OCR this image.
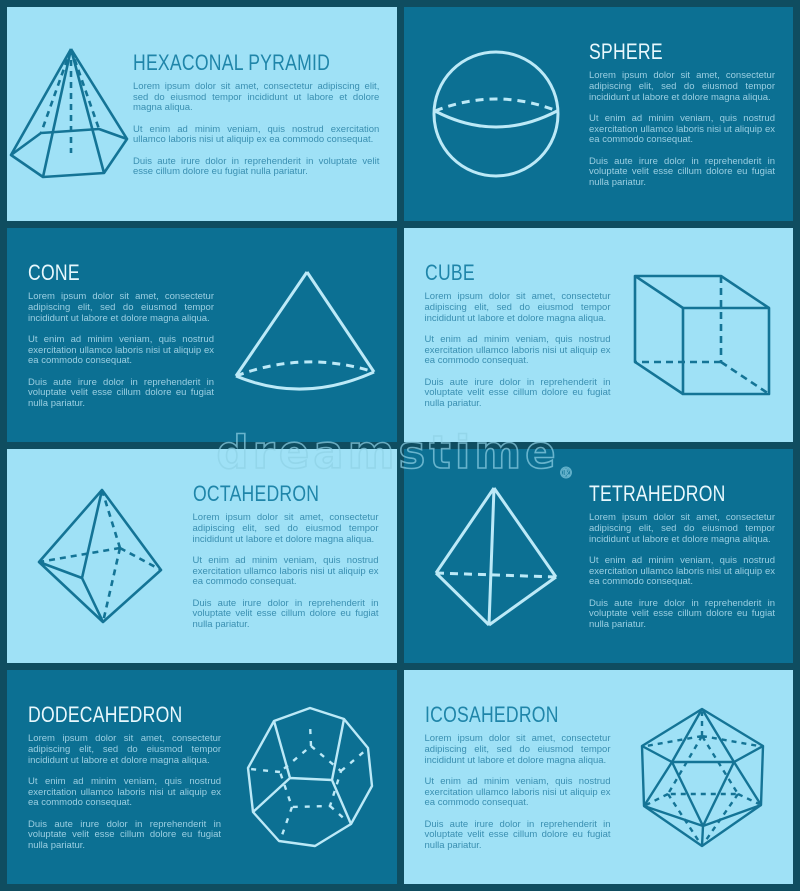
HEXACONAL PYRAMID

Lorem ipsum dolor sit amet, consectetur adipiscing elit, sed do eiusmod tempor incididunt ut labore et dolore magna aliqua.

Ut enim ad minim veniam, quis nostrud exercitation ullamco laboris nisi ut aliquip ex ea commodo consequat.

Duis aute irure dolor in reprehenderit in voluptate velit esse cillum dolore eu fugiat nulla pariatur.

SPHERE

Lorem ipsum dolor sit amet, consectetur adipiscing elit, sed do eiusmod tempor incididunt ut labore et dolore magna aliqua.

Ut enim ad minim veniam, quis nostrud exercitation ullamco laboris nisi ut aliquip ex ea commodo consequat.

Duis aute irure dolor in reprehenderit in voluptate velit esse cillum dolore eu fugiat nulla pariatur.

CONE

Lorem ipsum dolor sit amet, consectetur adipiscing elit, sed do eiusmod tempor incididunt ut labore et dolore magna aliqua.

Ut enim ad minim veniam, quis nostrud exercitation ullamco laboris nisi ut aliquip ex ea commodo consequat.

Duis aute irure dolor in reprehenderit in voluptate velit esse cillum dolore eu fugiat nulla pariatur.

CUBE

Lorem ipsum dolor sit amet, consectetur adipiscing elit, sed do eiusmod tempor incididunt ut labore et dolore magna aliqua.

Ut enim ad minim veniam, quis nostrud exercitation ullamco laboris nisi ut aliquip ex ea commodo consequat.

Duis aute irure dolor in reprehenderit in voluptate velit esse cillum dolore eu fugiat nulla pariatur.

OCTAHEDRON

Lorem ipsum dolor sit amet, consectetur adipiscing elit, sed do eiusmod tempor incididunt ut labore et dolore magna aliqua.

Ut enim ad minim veniam, quis nostrud exercitation ullamco laboris nisi ut aliquip ex ea commodo consequat.

Duis aute irure dolor in reprehenderit in voluptate velit esse cillum dolore eu fugiat nulla pariatur.

TETRAHEDRON

Lorem ipsum dolor sit amet, consectetur adipiscing elit, sed do eiusmod tempor incididunt ut labore et dolore magna aliqua.

Ut enim ad minim veniam, quis nostrud exercitation ullamco laboris nisi ut aliquip ex ea commodo consequat.

Duis aute irure dolor in reprehenderit in voluptate velit esse cillum dolore eu fugiat nulla pariatur.

DODECAHEDRON

Lorem ipsum dolor sit amet, consectetur adipiscing elit, sed do eiusmod tempor incididunt ut labore et dolore magna aliqua.

Ut enim ad minim veniam, quis nostrud exercitation ullamco laboris nisi ut aliquip ex ea commodo consequat.

Duis aute irure dolor in reprehenderit in voluptate velit esse cillum dolore eu fugiat nulla pariatur.

ICOSAHEDRON

Lorem ipsum dolor sit amet, consectetur adipiscing elit, sed do eiusmod tempor incididunt ut labore et dolore magna aliqua.

Ut enim ad minim veniam, quis nostrud exercitation ullamco laboris nisi ut aliquip ex ea commodo consequat.

Duis aute irure dolor in reprehenderit in voluptate velit esse cillum dolore eu fugiat nulla pariatur.

dreamstime
®
